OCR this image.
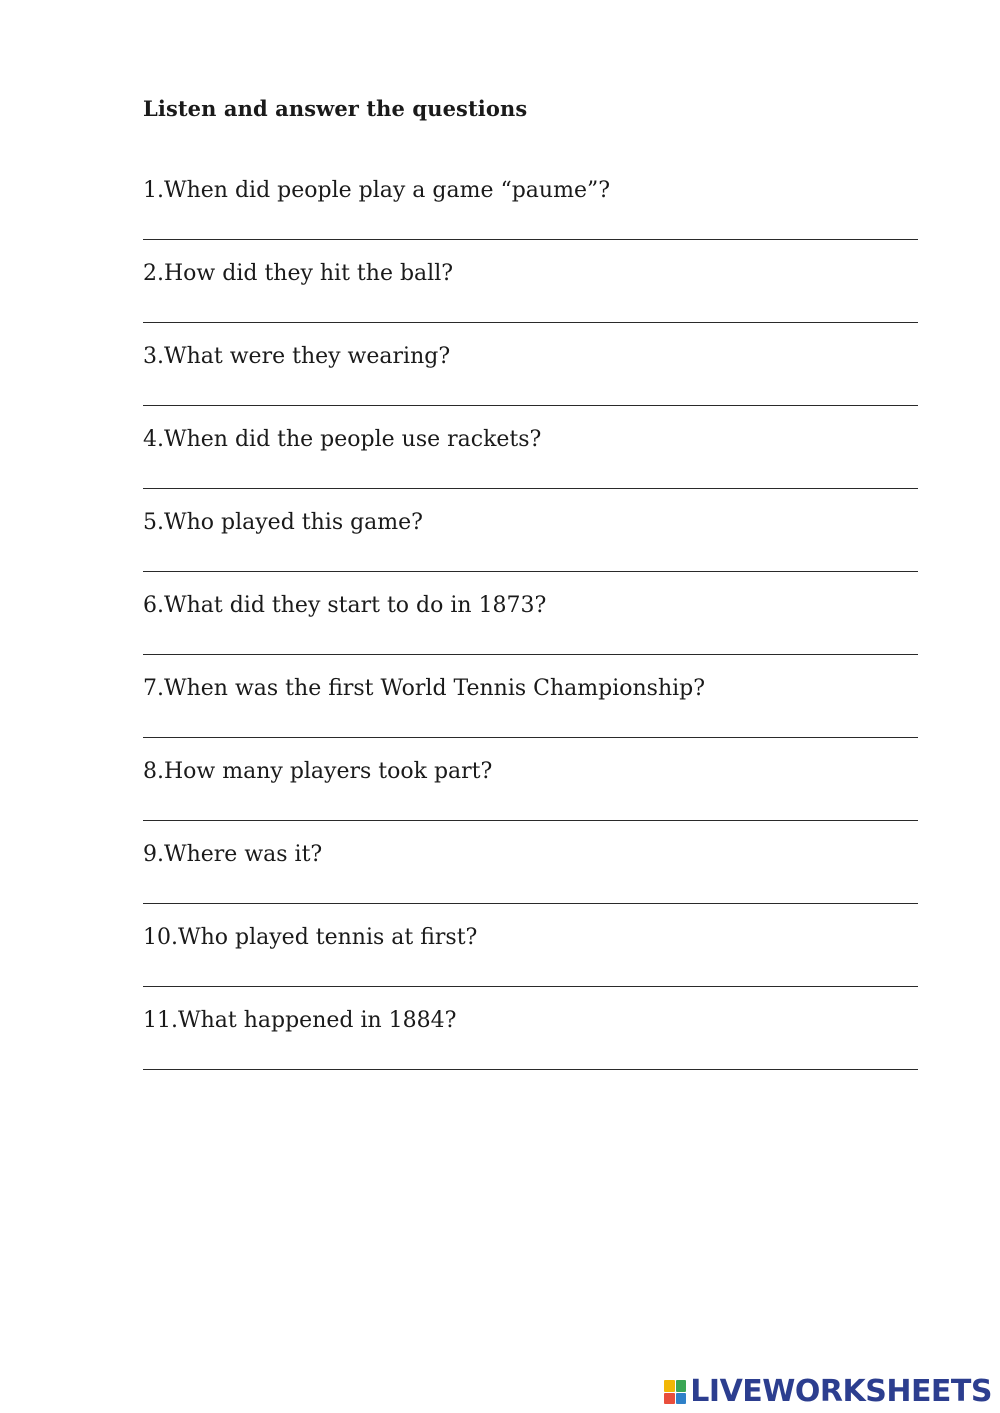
Listen and answer the questions
1.When did people play a game “paume”?
2.How did they hit the ball?
3.What were they wearing?
4.When did the people use rackets?
5.Who played this game?
6.What did they start to do in 1873?
7.When was the first World Tennis Championship?
8.How many players took part?
9.Where was it?
10.Who played tennis at first?
11.What happened in 1884?
LIVEWORKSHEETS
